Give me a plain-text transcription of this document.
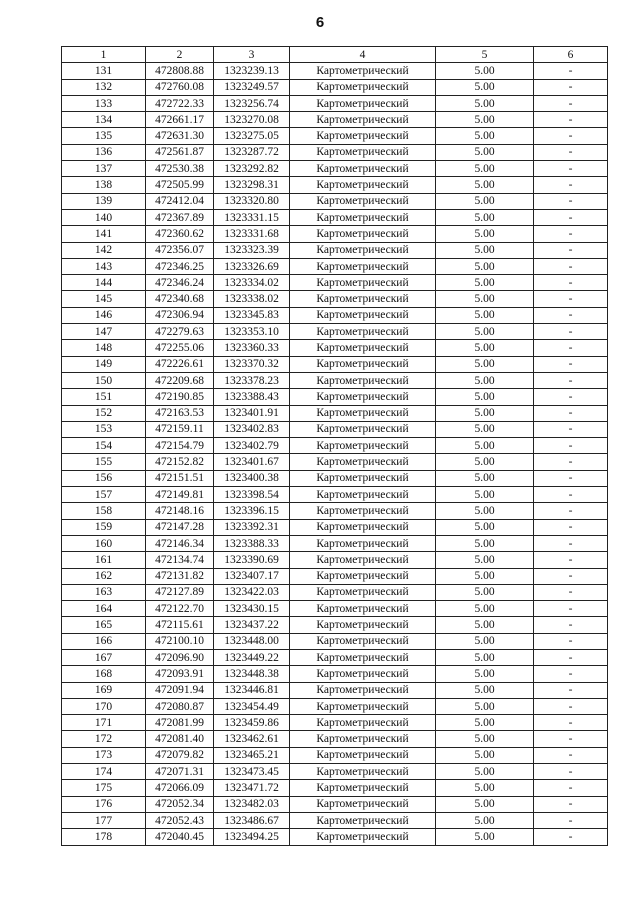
6
1	2	3	4	5	6
131	472808.88	1323239.13	Картометрический	5.00	-
132	472760.08	1323249.57	Картометрический	5.00	-
133	472722.33	1323256.74	Картометрический	5.00	-
134	472661.17	1323270.08	Картометрический	5.00	-
135	472631.30	1323275.05	Картометрический	5.00	-
136	472561.87	1323287.72	Картометрический	5.00	-
137	472530.38	1323292.82	Картометрический	5.00	-
138	472505.99	1323298.31	Картометрический	5.00	-
139	472412.04	1323320.80	Картометрический	5.00	-
140	472367.89	1323331.15	Картометрический	5.00	-
141	472360.62	1323331.68	Картометрический	5.00	-
142	472356.07	1323323.39	Картометрический	5.00	-
143	472346.25	1323326.69	Картометрический	5.00	-
144	472346.24	1323334.02	Картометрический	5.00	-
145	472340.68	1323338.02	Картометрический	5.00	-
146	472306.94	1323345.83	Картометрический	5.00	-
147	472279.63	1323353.10	Картометрический	5.00	-
148	472255.06	1323360.33	Картометрический	5.00	-
149	472226.61	1323370.32	Картометрический	5.00	-
150	472209.68	1323378.23	Картометрический	5.00	-
151	472190.85	1323388.43	Картометрический	5.00	-
152	472163.53	1323401.91	Картометрический	5.00	-
153	472159.11	1323402.83	Картометрический	5.00	-
154	472154.79	1323402.79	Картометрический	5.00	-
155	472152.82	1323401.67	Картометрический	5.00	-
156	472151.51	1323400.38	Картометрический	5.00	-
157	472149.81	1323398.54	Картометрический	5.00	-
158	472148.16	1323396.15	Картометрический	5.00	-
159	472147.28	1323392.31	Картометрический	5.00	-
160	472146.34	1323388.33	Картометрический	5.00	-
161	472134.74	1323390.69	Картометрический	5.00	-
162	472131.82	1323407.17	Картометрический	5.00	-
163	472127.89	1323422.03	Картометрический	5.00	-
164	472122.70	1323430.15	Картометрический	5.00	-
165	472115.61	1323437.22	Картометрический	5.00	-
166	472100.10	1323448.00	Картометрический	5.00	-
167	472096.90	1323449.22	Картометрический	5.00	-
168	472093.91	1323448.38	Картометрический	5.00	-
169	472091.94	1323446.81	Картометрический	5.00	-
170	472080.87	1323454.49	Картометрический	5.00	-
171	472081.99	1323459.86	Картометрический	5.00	-
172	472081.40	1323462.61	Картометрический	5.00	-
173	472079.82	1323465.21	Картометрический	5.00	-
174	472071.31	1323473.45	Картометрический	5.00	-
175	472066.09	1323471.72	Картометрический	5.00	-
176	472052.34	1323482.03	Картометрический	5.00	-
177	472052.43	1323486.67	Картометрический	5.00	-
178	472040.45	1323494.25	Картометрический	5.00	-
